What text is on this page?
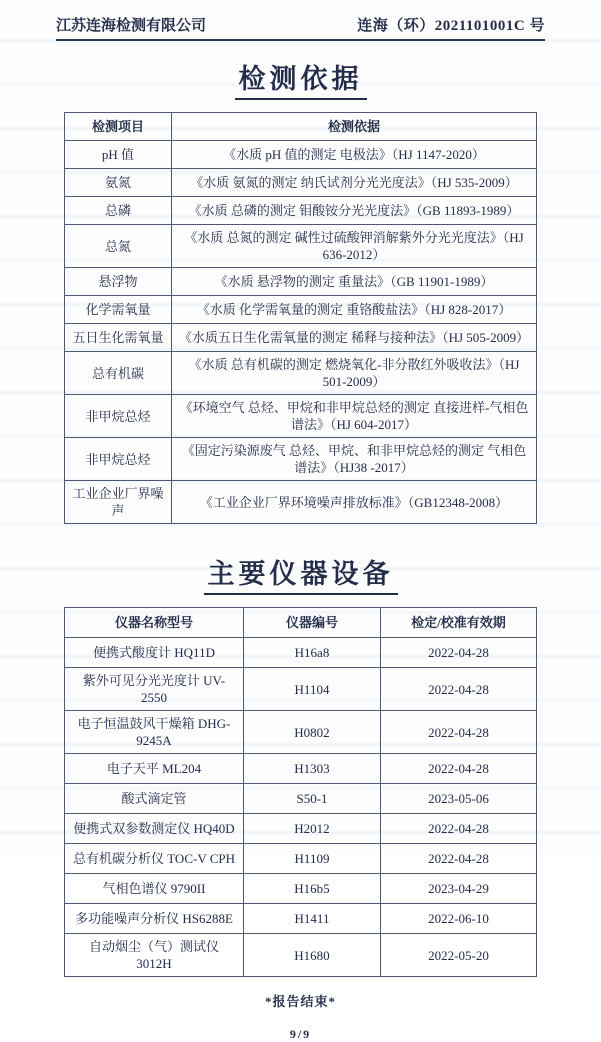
江苏连海检测有限公司	连海（环）2021101001C 号
检测依据
检测项目	检测依据
pH 值	《水质 pH 值的测定 电极法》（HJ 1147-2020）
氨氮	《水质 氨氮的测定 纳氏试剂分光光度法》（HJ 535-2009）
总磷	《水质 总磷的测定 钼酸铵分光光度法》（GB 11893-1989）
总氮	《水质 总氮的测定 碱性过硫酸钾消解紫外分光光度法》（HJ 636-2012）
悬浮物	《水质 悬浮物的测定 重量法》（GB 11901-1989）
化学需氧量	《水质 化学需氧量的测定 重铬酸盐法》（HJ 828-2017）
五日生化需氧量	《水质五日生化需氧量的测定 稀释与接种法》（HJ 505-2009）
总有机碳	《水质 总有机碳的测定 燃烧氧化-非分散红外吸收法》（HJ 501-2009）
非甲烷总烃	《环境空气 总烃、甲烷和非甲烷总烃的测定 直接进样-气相色谱法》（HJ 604-2017）
非甲烷总烃	《固定污染源废气 总烃、甲烷、和非甲烷总烃的测定 气相色谱法》（HJ38 -2017）
工业企业厂界噪声	《工业企业厂界环境噪声排放标准》（GB12348-2008）
主要仪器设备
仪器名称型号	仪器编号	检定/校准有效期
便携式酸度计 HQ11D	H16a8	2022-04-28
紫外可见分光光度计 UV-2550	H1104	2022-04-28
电子恒温鼓风干燥箱 DHG-9245A	H0802	2022-04-28
电子天平 ML204	H1303	2022-04-28
酸式滴定管	S50-1	2023-05-06
便携式双参数测定仪 HQ40D	H2012	2022-04-28
总有机碳分析仪 TOC-V CPH	H1109	2022-04-28
气相色谱仪 9790II	H16b5	2023-04-29
多功能噪声分析仪 HS6288E	H1411	2022-06-10
自动烟尘（气）测试仪 3012H	H1680	2022-05-20
*报告结束*
9/9
